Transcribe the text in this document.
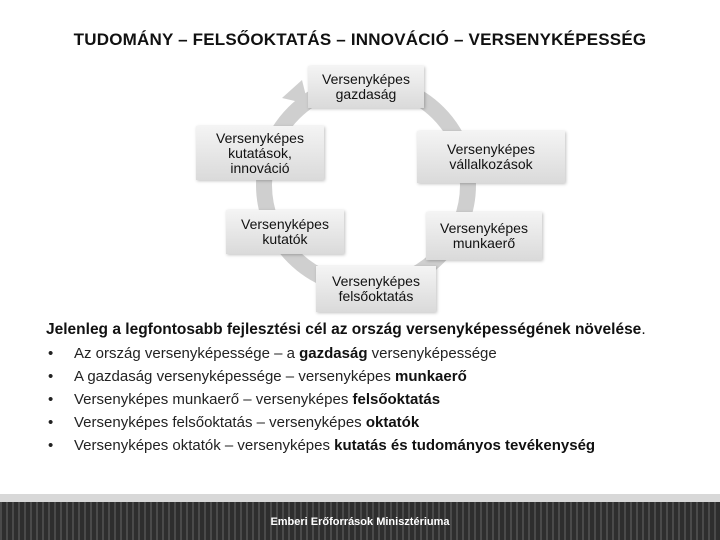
TUDOMÁNY – FELSŐOKTATÁS – INNOVÁCIÓ – VERSENYKÉPESSÉG
Versenyképes
gazdaság
Versenyképes
vállalkozások
Versenyképes
munkaerő
Versenyképes
felsőoktatás
Versenyképes
kutatók
Versenyképes
kutatások,
innováció

Jelenleg a legfontosabb fejlesztési cél az ország versenyképességének növelése.

• Az ország versenyképessége – a gazdaság versenyképessége
• A gazdaság versenyképessége – versenyképes munkaerő
• Versenyképes munkaerő – versenyképes felsőoktatás
• Versenyképes felsőoktatás – versenyképes oktatók
• Versenyképes oktatók – versenyképes kutatás és tudományos tevékenység
Emberi Erőforrások Minisztériuma
